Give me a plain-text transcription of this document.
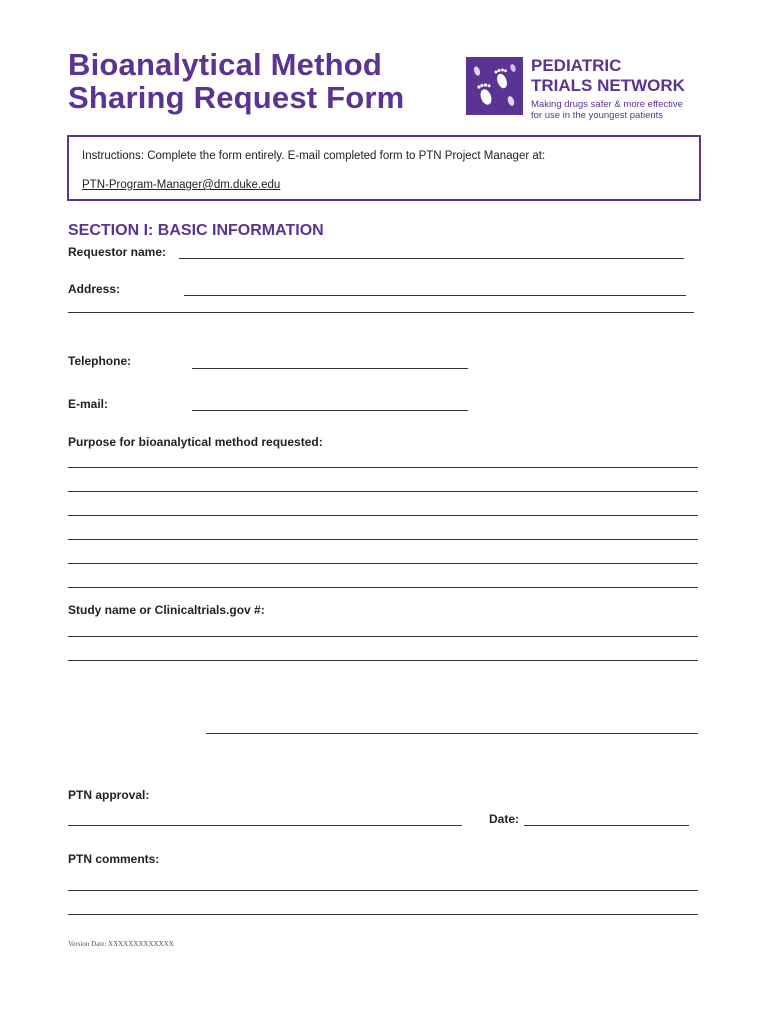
Bioanalytical Method
Sharing Request Form
PEDIATRIC
TRIALS NETWORK
Making drugs safer & more effective
for use in the youngest patients
Instructions: Complete the form entirely. E-mail completed form to PTN Project Manager at:
PTN-Program-Manager@dm.duke.edu
SECTION I: BASIC INFORMATION
Requestor name:
Address:
Telephone:
E-mail:
Purpose for bioanalytical method requested:
Study name or Clinicaltrials.gov #:
PTN approval:
Date:
PTN comments:
Version Date: XXXXXXXXXXXXX
